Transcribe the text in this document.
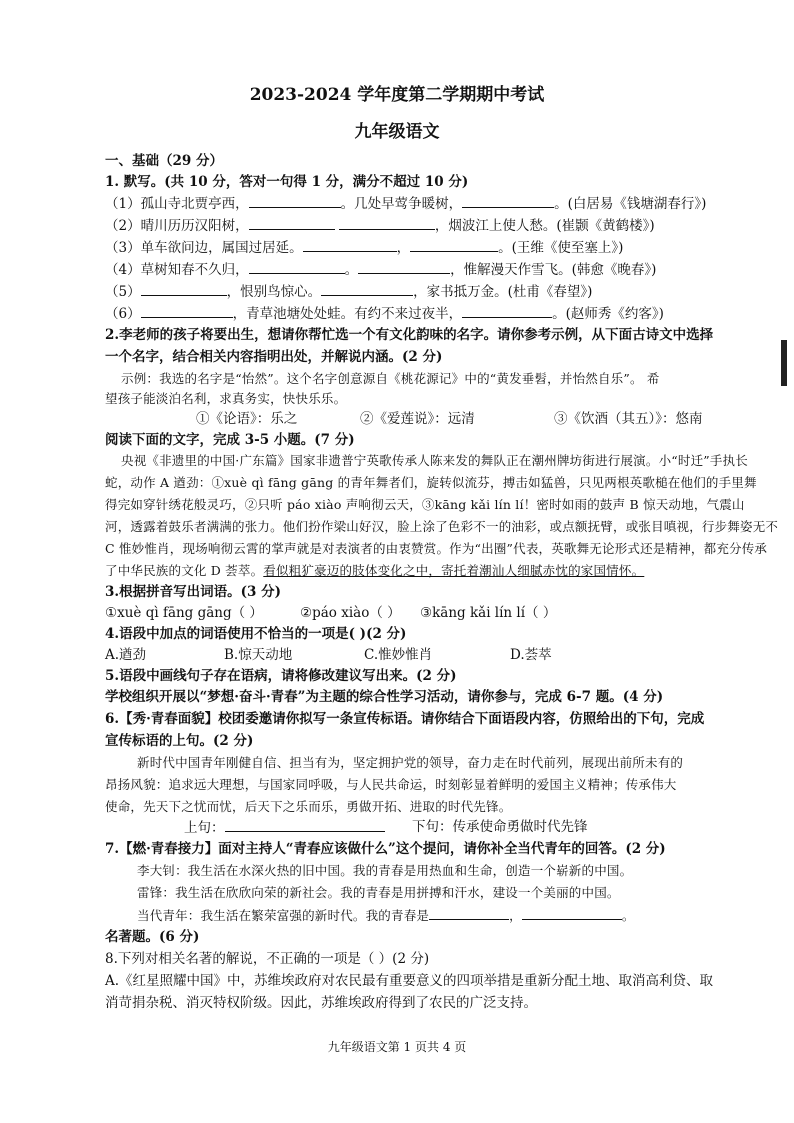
2023-2024 学年度第二学期期中考试
九年级语文
一、基础（29 分）
1. 默写。(共 10 分，答对一句得 1 分，满分不超过 10 分)
（1）孤山寺北贾亭西，	。几处早莺争暖树，	。(白居易《钱塘湖春行》)
（2）晴川历历汉阳树，	，烟波江上使人愁。(崔颢《黄鹤楼》)
（3）单车欲问边，属国过居延。	，	。(王维《使至塞上》)
（4）草树知春不久归，	。	，惟解漫天作雪飞。(韩愈《晚春》)
（5）	，恨别鸟惊心。	，家书抵万金。(杜甫《春望》)
（6）	，青草池塘处处蛙。有约不来过夜半，	。(赵师秀《约客》)
2.李老师的孩子将要出生，想请你帮忙选一个有文化韵味的名字。请你参考示例，从下面古诗文中选择
一个名字，结合相关内容指明出处，并解说内涵。(2 分)
示例：我选的名字是“怡然”。这个名字创意源自《桃花源记》中的“黄发垂髫，并怡然自乐”。 希
望孩子能淡泊名利，求真务实，快快乐乐。
①《论语》：乐之	②《爱莲说》：远清	③《饮酒（其五）》：悠南
阅读下面的文字，完成 3-5 小题。(7 分)
央视《非遗里的中国·广东篇》国家非遗普宁英歌传承人陈来发的舞队正在潮州牌坊街进行展演。小“时迁”手执长
蛇，动作 A 遒劲：①xuè qì fāng gāng 的青年舞者们，旋转似流芬，搏击如猛兽，只见两根英歌槌在他们的手里舞
得完如穿针绣花般灵巧，②只听 páo xiào 声响彻云天，③kāng kǎi lín lí！密时如雨的鼓声 B 惊天动地，气震山
河，透露着鼓乐者满满的张力。他们扮作梁山好汉，脸上涂了色彩不一的油彩，或点额抚臂，或张目嗔视，行步舞姿无不
C 惟妙惟肖，现场响彻云霄的掌声就是对表演者的由衷赞赏。作为“出圈”代表，英歌舞无论形式还是精神，都充分传承
了中华民族的文化 D 荟萃。看似粗犷豪迈的肢体变化之中，寄托着潮汕人细腻赤忱的家国情怀。
3.根据拼音写出词语。(3 分)
①xuè qì fāng gāng（ ）	②páo xiào（ ） ③kāng kǎi lín lí（ ）
4.语段中加点的词语使用不恰当的一项是( )(2 分)
A.遒劲	B.惊天动地	C.惟妙惟肖	D.荟萃
5.语段中画线句子存在语病，请将修改建议写出来。(2 分)
学校组织开展以“梦想·奋斗·青春”为主题的综合性学习活动，请你参与，完成 6-7 题。(4 分)
6.【秀·青春面貌】校团委邀请你拟写一条宣传标语。请你结合下面语段内容，仿照给出的下句，完成
宣传标语的上句。(2 分)
新时代中国青年刚健自信、担当有为，坚定拥护党的领导，奋力走在时代前列，展现出前所未有的
昂扬风貌：追求远大理想，与国家同呼吸，与人民共命运，时刻彰显着鲜明的爱国主义精神；传承伟大
使命，先天下之忧而忧，后天下之乐而乐，勇做开拓、进取的时代先锋。
上句：	下句：传承使命勇做时代先锋
7.【燃·青春接力】面对主持人“青春应该做什么”这个提问，请你补全当代青年的回答。(2 分)
李大钊：我生活在水深火热的旧中国。我的青春是用热血和生命，创造一个崭新的中国。
雷锋：我生活在欣欣向荣的新社会。我的青春是用拼搏和汗水，建设一个美丽的中国。
当代青年：我生活在繁荣富强的新时代。我的青春是	，	。
名著题。(6 分)
8.下列对相关名著的解说，不正确的一项是（ ）(2 分)
A.《红星照耀中国》中，苏维埃政府对农民最有重要意义的四项举措是重新分配土地、取消高利贷、取
消苛捐杂税、消灭特权阶级。因此，苏维埃政府得到了农民的广泛支持。
九年级语文第 1 页共 4 页
